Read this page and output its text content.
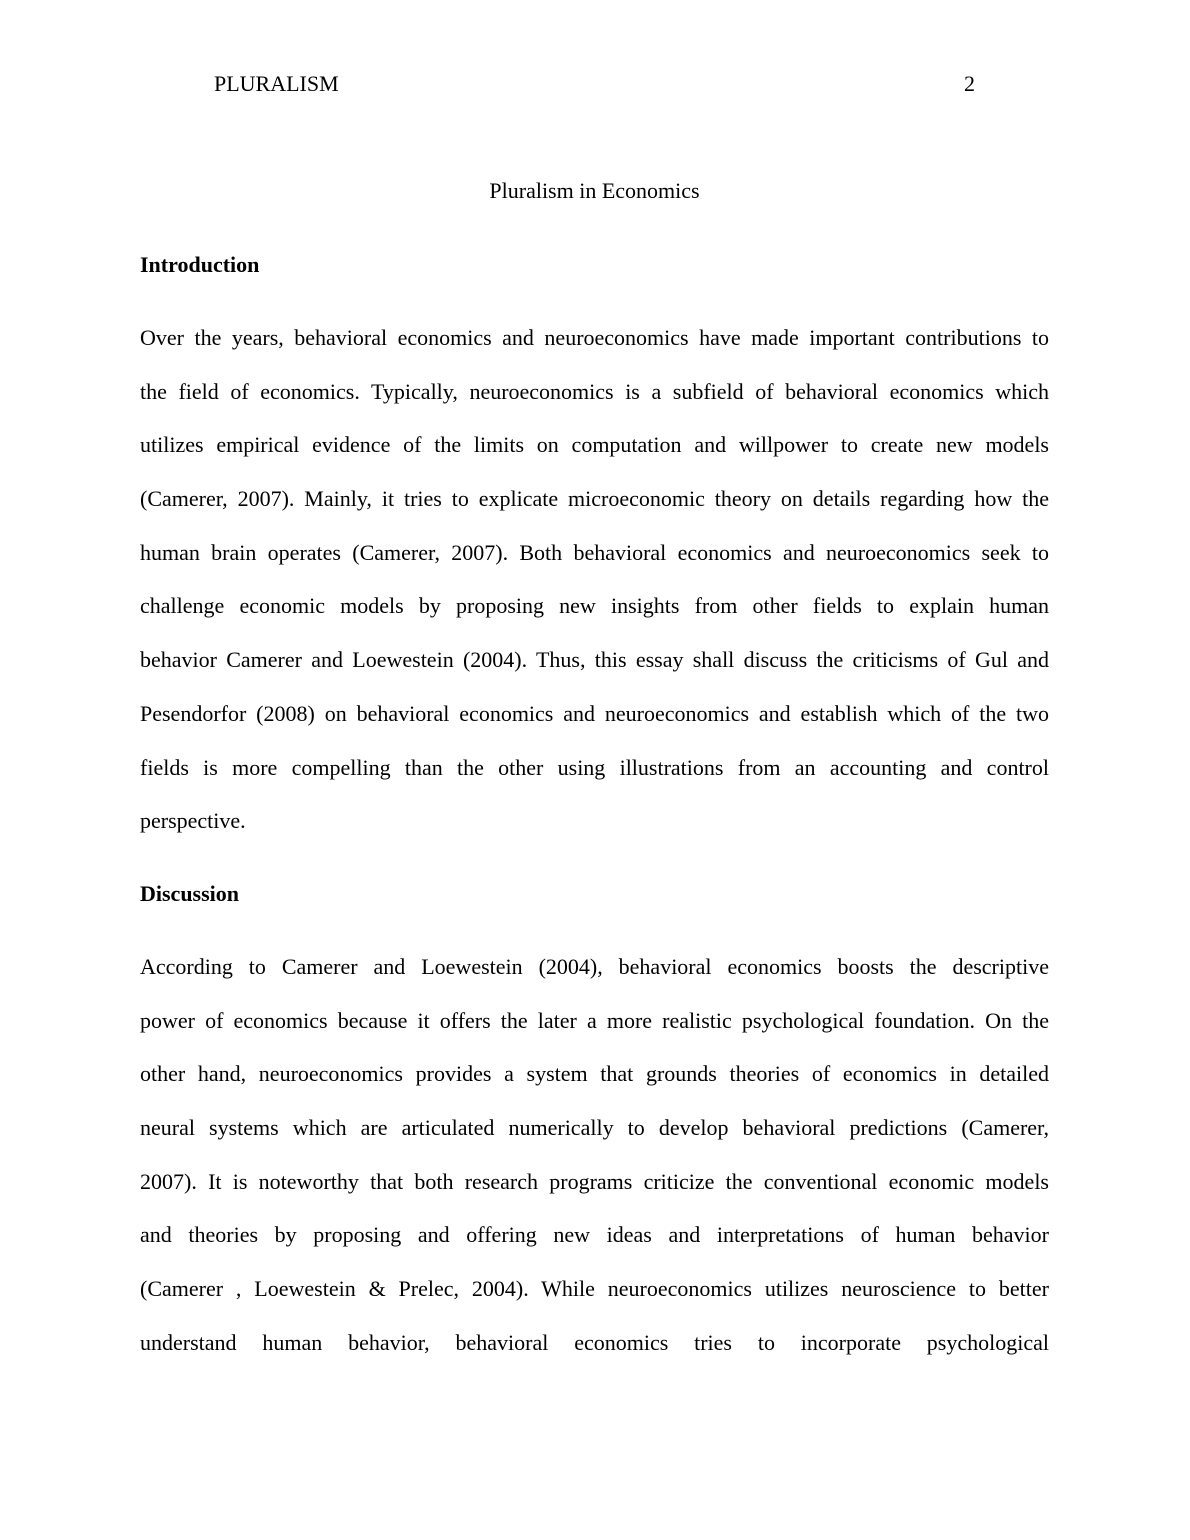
PLURALISM	2
Pluralism in Economics
Introduction
Over the years, behavioral economics and neuroeconomics have made important contributions to
the field of economics. Typically, neuroeconomics is a subfield of behavioral economics which
utilizes empirical evidence of the limits on computation and willpower to create new models
(Camerer, 2007). Mainly, it tries to explicate microeconomic theory on details regarding how the
human brain operates (Camerer, 2007). Both behavioral economics and neuroeconomics seek to
challenge economic models by proposing new insights from other fields to explain human
behavior Camerer and Loewestein (2004). Thus, this essay shall discuss the criticisms of Gul and
Pesendorfor (2008) on behavioral economics and neuroeconomics and establish which of the two
fields is more compelling than the other using illustrations from an accounting and control
perspective.
Discussion
According to Camerer and Loewestein (2004), behavioral economics boosts the descriptive
power of economics because it offers the later a more realistic psychological foundation. On the
other hand, neuroeconomics provides a system that grounds theories of economics in detailed
neural systems which are articulated numerically to develop behavioral predictions (Camerer,
2007). It is noteworthy that both research programs criticize the conventional economic models
and theories by proposing and offering new ideas and interpretations of human behavior
(Camerer , Loewestein & Prelec, 2004). While neuroeconomics utilizes neuroscience to better
understand human behavior, behavioral economics tries to incorporate psychological
